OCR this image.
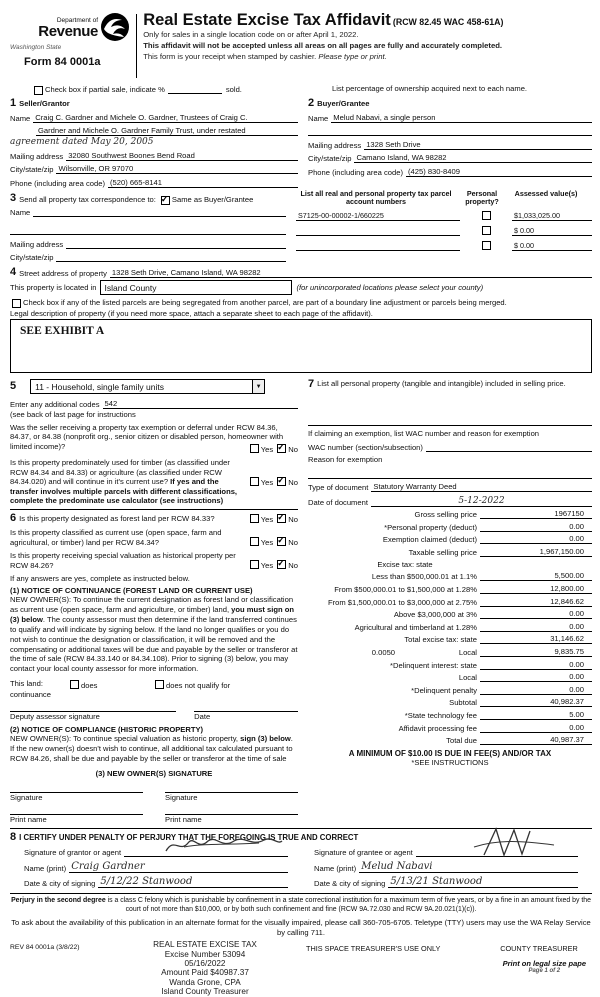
Department of
Revenue
Washington State
Form 84 0001a
Real Estate Excise Tax Affidavit (RCW 82.45 WAC 458-61A)
Only for sales in a single location code on or after April 1, 2022.
This affidavit will not be accepted unless all areas on all pages are fully and accurately completed.
This form is your receipt when stamped by cashier. Please type or print.
Check box if partial sale, indicate %	sold.	List percentage of ownership acquired next to each name.
1 Seller/Grantor
Name Craig C. Gardner and Michele O. Gardner, Trustees of Craig C.
Gardner and Michele O. Gardner Family Trust, under restated
agreement dated May 20, 2005
Mailing address 32080 Southwest Boones Bend Road
City/state/zip Wilsonville, OR 97070
Phone (including area code) (520) 665-8141
2 Buyer/Grantee
Name Melud Nabavi, a single person
Mailing address 1328 Seth Drive
City/state/zip Camano Island, WA 98282
Phone (including area code) (425) 830-8409
3 Send all property tax correspondence to: ✓	Same as Buyer/Grantee
Name
Mailing address
City/state/zip
List all real and personal property tax parcel account numbers
Personal property?
Assessed value(s)
S7125-00-00002-1/660225	$1,033,025.00
$ 0.00
$ 0.00
4 Street address of property 1328 Seth Drive, Camano Island, WA 98282
This property is located in Island County	(for unincorporated locations please select your county)
Check box if any of the listed parcels are being segregated from another parcel, are part of a boundary line adjustment or parcels being merged.
Legal description of property (if you need more space, attach a separate sheet to each page of the affidavit).
SEE EXHIBIT A
5	11 - Household, single family units	▼
Enter any additional codes 542
(see back of last page for instructions
Was the seller receiving a property tax exemption or deferral under RCW 84.36, 84.37, or 84.38 (nonprofit org., senior citizen or disabled person, homeowner with limited income)?	Yes ✓ No
Is this property predominately used for timber (as classified under RCW 84.34 and 84.33) or agriculture (as classified under RCW 84.34.020) and will continue in it's current use? If yes and the transfer involves multiple parcels with different classifications, complete the predominate use calculator (see instructions)
Yes ✓ No
6 Is this property designated as forest land per RCW 84.33?	Yes ✓ No
Is this property classified as current use (open space, farm and agricultural, or timber) land per RCW 84.34?	Yes ✓ No
Is this property receiving special valuation as historical property per RCW 84.26?	Yes ✓ No
If any answers are yes, complete as instructed below.
(1) NOTICE OF CONTINUANCE (FOREST LAND OR CURRENT USE)
NEW OWNER(S): To continue the current designation as forest land or classification as current use (open space, farm and agriculture, or timber) land, you must sign on (3) below. The county assessor must then determine if the land transferred continues to qualify and will indicate by signing below. If the land no longer qualifies or you do not wish to continue the designation or classification, it will be removed and the compensating or additional taxes will be due and payable by the seller or transferor at the time of sale (RCW 84.33.140 or 84.34.108). Prior to signing (3) below, you may contact your local county assessor for more information.
This land:	does	does not qualify for
continuance
Deputy assessor signature	Date
(2) NOTICE OF COMPLIANCE (HISTORIC PROPERTY)
NEW OWNER(S): To continue special valuation as historic property, sign (3) below. If the new owner(s) doesn't wish to continue, all additional tax calculated pursuant to RCW 84.26, shall be due and payable by the seller or transferor at the time of sale
(3) NEW OWNER(S) SIGNATURE
Signature	Signature
Print name	Print name
7 List all personal property (tangible and intangible) included in selling price.
If claiming an exemption, list WAC number and reason for exemption
WAC number (section/subsection)
Reason for exemption
Type of document Statutory Warranty Deed
Date of document	5-12-2022
Gross selling price	1967150
*Personal property (deduct)	0.00
Exemption claimed (deduct)	0.00
Taxable selling price	1,967,150.00
Excise tax: state
Less than $500,000.01 at 1.1%	5,500.00
From $500,000.01 to $1,500,000 at 1.28%	12,800.00
From $1,500,000.01 to $3,000,000 at 2.75%	12,846.62
Above $3,000,000 at 3%	0.00
Agricultural and timberland at 1.28%	0.00
Total excise tax: state	31,146.62
0.0050	Local	9,835.75
*Delinquent interest: state	0.00
Local	0.00
*Delinquent penalty	0.00
Subtotal	40,982.37
*State technology fee	5.00
Affidavit processing fee	0.00
Total due	40,987.37
A MINIMUM OF $10.00 IS DUE IN FEE(S) AND/OR TAX
*SEE INSTRUCTIONS
8 I CERTIFY UNDER PENALTY OF PERJURY THAT THE FOREGOING IS TRUE AND CORRECT
Signature of grantor or agent
Name (print) Craig Gardner
Date & city of signing 5/12/22 Stanwood
Signature of grantee or agent
Name (print) Melud Nabavi
Date & city of signing 5/13/21 Stanwood
Perjury in the second degree is a class C felony which is punishable by confinement in a state correctional institution for a maximum term of five years, or by a fine in an amount fixed by the court of not more than $10,000, or by both such confinement and fine (RCW 9A.72.030 and RCW 9A.20.021(1)(c)).
To ask about the availability of this publication in an alternate format for the visually impaired, please call 360-705-6705. Teletype (TTY) users may use the WA Relay Service by calling 711.
REV 84 0001a (3/8/22)	REAL ESTATE EXCISE TAX
Excise Number 53094
05/16/2022
Amount Paid $40987.37
Wanda Grone, CPA
Island County Treasurer
THIS SPACE TREASURER'S USE ONLY	COUNTY TREASURER
Print on legal size pape
Page 1 of 2
